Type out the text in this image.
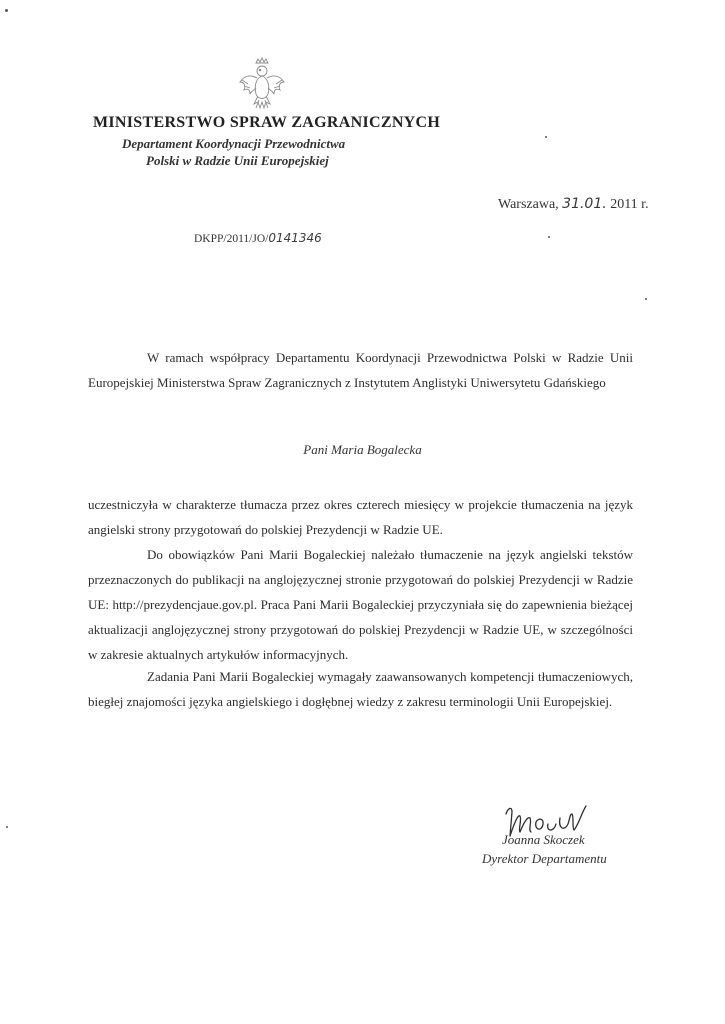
MINISTERSTWO SPRAW ZAGRANICZNYCH
Departament Koordynacji Przewodnictwa
Polski w Radzie Unii Europejskiej
Warszawa, 31.01. 2011 r.
DKPP/2011/JO/0141346
W ramach współpracy Departamentu Koordynacji Przewodnictwa Polski w Radzie Unii Europejskiej Ministerstwa Spraw Zagranicznych z Instytutem Anglistyki Uniwersytetu Gdańskiego
Pani Maria Bogalecka
uczestniczyła w charakterze tłumacza przez okres czterech miesięcy w projekcie tłumaczenia na język angielski strony przygotowań do polskiej Prezydencji w Radzie UE.
Do obowiązków Pani Marii Bogaleckiej należało tłumaczenie na język angielski tekstów przeznaczonych do publikacji na anglojęzycznej stronie przygotowań do polskiej Prezydencji w Radzie UE: http://prezydencjaue.gov.pl. Praca Pani Marii Bogaleckiej przyczyniała się do zapewnienia bieżącej aktualizacji anglojęzycznej strony przygotowań do polskiej Prezydencji w Radzie UE, w szczególności w zakresie aktualnych artykułów informacyjnych.
Zadania Pani Marii Bogaleckiej wymagały zaawansowanych kompetencji tłumaczeniowych, biegłej znajomości języka angielskiego i dogłębnej wiedzy z zakresu terminologii Unii Europejskiej.
Joanna Skoczek
Dyrektor Departamentu
